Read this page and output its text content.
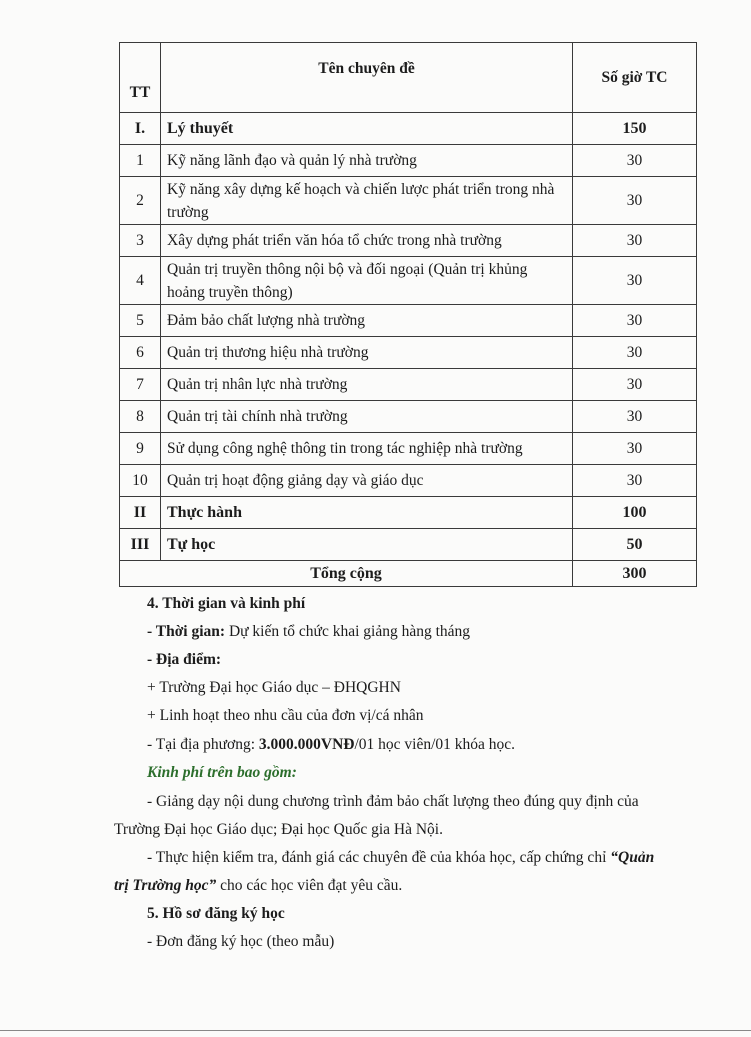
TT	Tên chuyên đề	Số giờ TC
I.	Lý thuyết	150
1	Kỹ năng lãnh đạo và quản lý nhà trường	30
2	Kỹ năng xây dựng kế hoạch và chiến lược phát triển trong nhà trường	30
3	Xây dựng phát triển văn hóa tổ chức trong nhà trường	30
4	Quản trị truyền thông nội bộ và đối ngoại (Quản trị khủng hoảng truyền thông)	30
5	Đảm bảo chất lượng nhà trường	30
6	Quản trị thương hiệu nhà trường	30
7	Quản trị nhân lực nhà trường	30
8	Quản trị tài chính nhà trường	30
9	Sử dụng công nghệ thông tin trong tác nghiệp nhà trường	30
10	Quản trị hoạt động giảng dạy và giáo dục	30
II	Thực hành	100
III	Tự học	50
Tổng cộng		300
4. Thời gian và kinh phí
- Thời gian: Dự kiến tổ chức khai giảng hàng tháng
- Địa điểm:
+ Trường Đại học Giáo dục – ĐHQGHN
+ Linh hoạt theo nhu cầu của đơn vị/cá nhân
- Tại địa phương: 3.000.000VNĐ/01 học viên/01 khóa học.
Kinh phí trên bao gồm:
- Giảng dạy nội dung chương trình đảm bảo chất lượng theo đúng quy định của
Trường Đại học Giáo dục; Đại học Quốc gia Hà Nội.
- Thực hiện kiểm tra, đánh giá các chuyên đề của khóa học, cấp chứng chỉ “Quản
trị Trường học” cho các học viên đạt yêu cầu.
5. Hồ sơ đăng ký học
- Đơn đăng ký học (theo mẫu)
